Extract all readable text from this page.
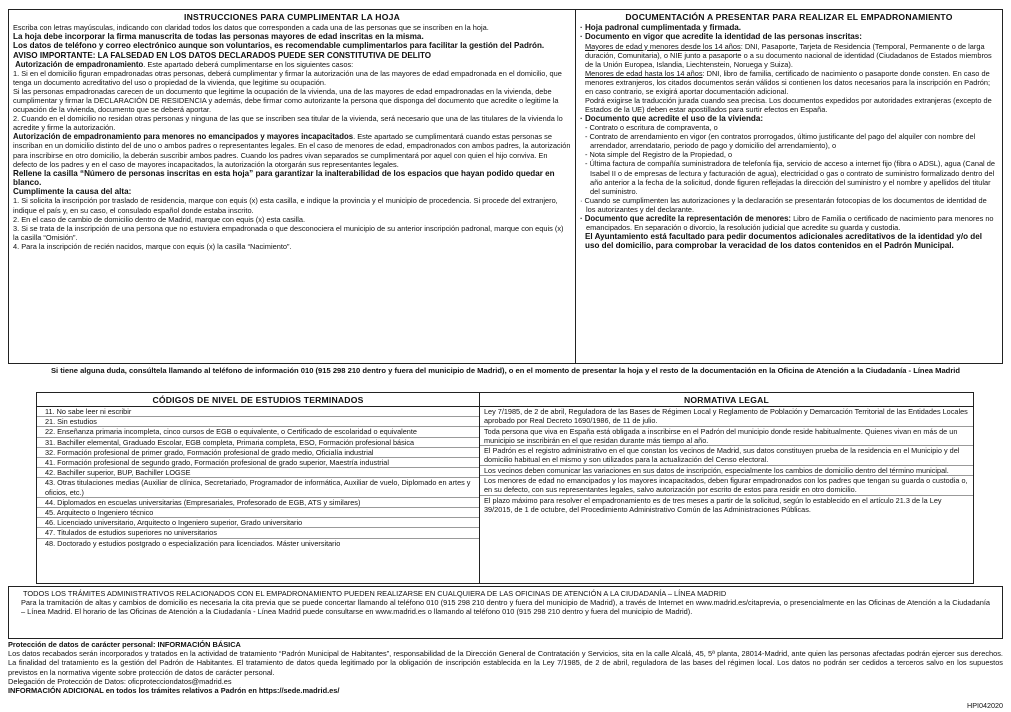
INSTRUCCIONES PARA CUMPLIMENTAR LA HOJA

Escriba con letras mayúsculas, indicando con claridad todos los datos que corresponden a cada una de las personas que se inscriben en la hoja.

La hoja debe incorporar la firma manuscrita de todas las personas mayores de edad inscritas en la misma.

Los datos de teléfono y correo electrónico aunque son voluntarios, es recomendable cumplimentarlos para facilitar la gestión del Padrón.

AVISO IMPORTANTE: LA FALSEDAD EN LOS DATOS DECLARADOS PUEDE SER CONSTITUTIVA DE DELITO

Autorización de empadronamiento. Este apartado deberá cumplimentarse en los siguientes casos:

1. Si en el domicilio figuran empadronadas otras personas, deberá cumplimentar y firmar la autorización una de las mayores de edad empadronada en el domicilio, que tenga un documento acreditativo del uso o propiedad de la vivienda, que legitime su ocupación.

Si las personas empadronadas carecen de un documento que legitime la ocupación de la vivienda, una de las mayores de edad empadronadas en la vivienda, debe cumplimentar y firmar la DECLARACIÓN DE RESIDENCIA y además, debe firmar como autorizante la persona que disponga del documento que acredite o legitime la ocupación de la vivienda, documento que se deberá aportar.

2. Cuando en el domicilio no residan otras personas y ninguna de las que se inscriben sea titular de la vivienda, será necesario que una de las titulares de la vivienda lo acredite y firme la autorización.

Autorización de empadronamiento para menores no emancipados y mayores incapacitados. Este apartado se cumplimentará cuando estas personas se inscriban en un domicilio distinto del de uno o ambos padres o representantes legales. En el caso de menores de edad, empadronados con ambos padres, la autorización para inscribirse en otro domicilio, la deberán suscribir ambos padres. Cuando los padres vivan separados se cumplimentará por aquel con quien el hijo conviva. En defecto de los padres y en el caso de mayores incapacitados, la autorización la otorgarán sus representantes legales.

Rellene la casilla “Número de personas inscritas en esta hoja” para garantizar la inalterabilidad de los espacios que hayan podido quedar en blanco.

Cumplimente la causa del alta:

1. Si solicita la inscripción por traslado de residencia, marque con equis (x) esta casilla, e indique la provincia y el municipio de procedencia. Si procede del extranjero, indique el país y, en su caso, el consulado español donde estaba inscrito.

2. En el caso de cambio de domicilio dentro de Madrid, marque con equis (x) esta casilla.

3. Si se trata de la inscripción de una persona que no estuviera empadronada o que desconociera el municipio de su anterior inscripción padronal, marque con equis (x) la casilla “Omisión”.

4. Para la inscripción de recién nacidos, marque con equis (x) la casilla “Nacimiento”.

DOCUMENTACIÓN A PRESENTAR PARA REALIZAR EL EMPADRONAMIENTO

· Hoja padronal cumplimentada y firmada.

· Documento en vigor que acredite la identidad de las personas inscritas:

Mayores de edad y menores desde los 14 años: DNI, Pasaporte, Tarjeta de Residencia (Temporal, Permanente o de larga duración, Comunitaria), o NIE junto a pasaporte o a su documento nacional de identidad (Ciudadanos de Estados miembros de la Unión Europea, Islandia, Liechtenstein, Noruega y Suiza).

Menores de edad hasta los 14 años: DNI, libro de familia, certificado de nacimiento o pasaporte donde consten. En caso de menores extranjeros, los citados documentos serán válidos si contienen los datos necesarios para la inscripción en Padrón; en caso contrario, se exigirá aportar documentación adicional.

Podrá exigirse la traducción jurada cuando sea precisa. Los documentos expedidos por autoridades extranjeras (excepto de Estados de la UE) deben estar apostillados para surtir efectos en España.

· Documento que acredite el uso de la vivienda:

- Contrato o escritura de compraventa, o

- Contrato de arrendamiento en vigor (en contratos prorrogados, último justificante del pago del alquiler con nombre del arrendador, arrendatario, periodo de pago y domicilio del arrendamiento), o

- Nota simple del Registro de la Propiedad, o

- Última factura de compañía suministradora de telefonía fija, servicio de acceso a internet fijo (fibra o ADSL), agua (Canal de Isabel II o de empresas de lectura y facturación de agua), electricidad o gas o contrato de suministro formalizado dentro del año anterior a la fecha de la solicitud, donde figuren reflejadas la dirección del suministro y el nombre y apellidos del titular del suministro.

· Cuando se cumplimenten las autorizaciones y la declaración se presentarán fotocopias de los documentos de identidad de los autorizantes y del declarante.

· Documento que acredite la representación de menores: Libro de Familia o certificado de nacimiento para menores no emancipados. En separación o divorcio, la resolución judicial que acredite su guarda y custodia.

El Ayuntamiento está facultado para pedir documentos adicionales acreditativos de la identidad y/o del uso del domicilio, para comprobar la veracidad de los datos contenidos en el Padrón Municipal.

Si tiene alguna duda, consúltela llamando al teléfono de información 010 (915 298 210 dentro y fuera del municipio de Madrid), o en el momento de presentar la hoja y el resto de la documentación en la Oficina de Atención a la Ciudadanía - Línea Madrid
CÓDIGOS DE NIVEL DE ESTUDIOS TERMINADOS
11. No sabe leer ni escribir
21. Sin estudios
22. Enseñanza primaria incompleta, cinco cursos de EGB o equivalente, o Certificado de escolaridad o equivalente
31. Bachiller elemental, Graduado Escolar, EGB completa, Primaria completa, ESO, Formación profesional básica
32. Formación profesional de primer grado, Formación profesional de grado medio, Oficialía industrial
41. Formación profesional de segundo grado, Formación profesional de grado superior, Maestría industrial
42. Bachiller superior, BUP, Bachiller LOGSE
43. Otras titulaciones medias (Auxiliar de clínica, Secretariado, Programador de informática, Auxiliar de vuelo, Diplomado en artes y oficios, etc.)
44. Diplomados en escuelas universitarias (Empresariales, Profesorado de EGB, ATS y similares)
45. Arquitecto o Ingeniero técnico
46. Licenciado universitario, Arquitecto o Ingeniero superior, Grado universitario
47. Titulados de estudios superiores no universitarios
48. Doctorado y estudios postgrado o especialización para licenciados. Máster universitario
NORMATIVA LEGAL
Ley 7/1985, de 2 de abril, Reguladora de las Bases de Régimen Local y Reglamento de Población y Demarcación Territorial de las Entidades Locales aprobado por Real Decreto 1690/1986, de 11 de julio.
Toda persona que viva en España está obligada a inscribirse en el Padrón del municipio donde reside habitualmente. Quienes vivan en más de un municipio se inscribirán en el que residan durante más tiempo al año.
El Padrón es el registro administrativo en el que constan los vecinos de Madrid, sus datos constituyen prueba de la residencia en el Municipio y del domicilio habitual en el mismo y son utilizados para la actualización del Censo electoral.
Los vecinos deben comunicar las variaciones en sus datos de inscripción, especialmente los cambios de domicilio dentro del término municipal.
Los menores de edad no emancipados y los mayores incapacitados, deben figurar empadronados con los padres que tengan su guarda o custodia o, en su defecto, con sus representantes legales, salvo autorización por escrito de estos para residir en otro domicilio.
El plazo máximo para resolver el empadronamiento es de tres meses a partir de la solicitud, según lo establecido en el artículo 21.3 de la Ley 39/2015, de 1 de octubre, del Procedimiento Administrativo Común de las Administraciones Públicas.
TODOS LOS TRÁMITES ADMINISTRATIVOS RELACIONADOS CON EL EMPADRONAMIENTO PUEDEN REALIZARSE EN CUALQUIERA DE LAS OFICINAS DE ATENCIÓN A LA CIUDADANÍA – LÍNEA MADRID
Para la tramitación de altas y cambios de domicilio es necesaria la cita previa que se puede concertar llamando al teléfono 010 (915 298 210 dentro y fuera del municipio de Madrid), a través de Internet en www.madrid.es/citaprevia, o presencialmente en las Oficinas de Atención a la Ciudadanía – Línea Madrid. El horario de las Oficinas de Atención a la Ciudadanía - Línea Madrid puede consultarse en www.madrid.es o llamando al teléfono 010 (915 298 210 dentro y fuera del municipio de Madrid).

Protección de datos de carácter personal: INFORMACIÓN BÁSICA

Los datos recabados serán incorporados y tratados en la actividad de tratamiento “Padrón Municipal de Habitantes”, responsabilidad de la Dirección General de Contratación y Servicios, sita en la calle Alcalá, 45, 5ª planta, 28014-Madrid, ante quien las personas afectadas podrán ejercer sus derechos. La finalidad del tratamiento es la gestión del Padrón de Habitantes. El tratamiento de datos queda legitimado por la obligación de inscripción establecida en la Ley 7/1985, de 2 de abril, reguladora de las bases del régimen local. Los datos no podrán ser cedidos a terceros salvo en los supuestos previstos en la normativa vigente sobre protección de datos de carácter personal.

Delegación de Protección de Datos: oficprotecciondatos@madrid.es

INFORMACIÓN ADICIONAL en todos los trámites relativos a Padrón en https://sede.madrid.es/

HPI042020
